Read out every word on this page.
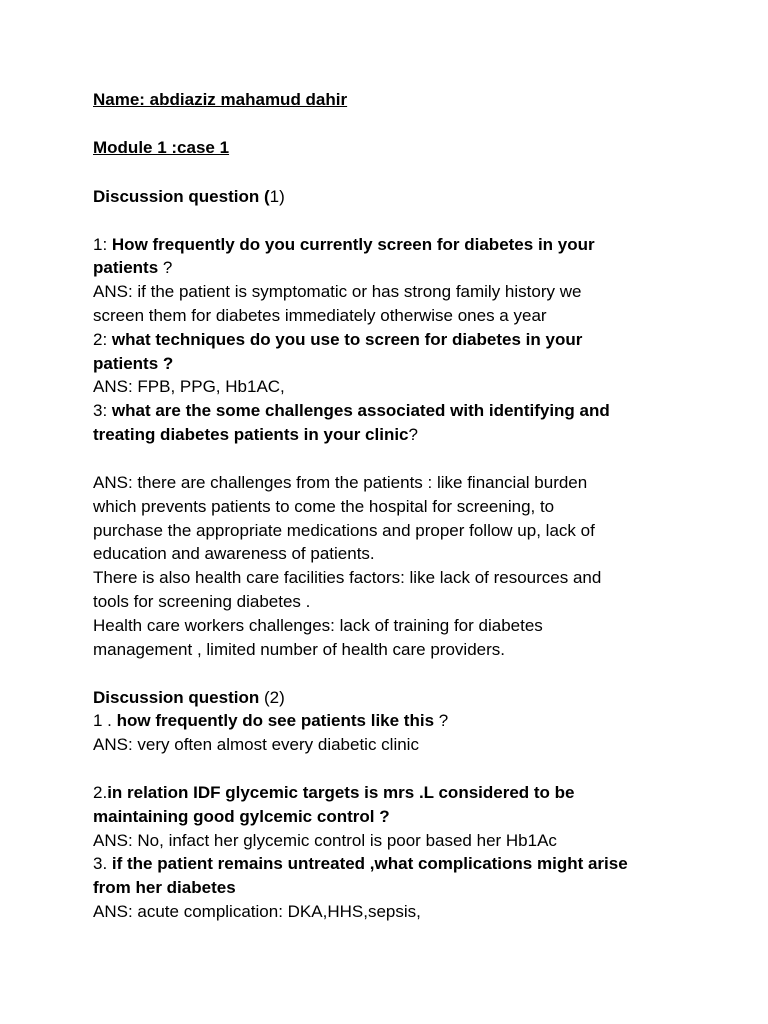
Name: abdiaziz mahamud dahir
Module 1 :case 1
Discussion question (1)
1: How frequently do you currently screen for diabetes in your
patients ?
ANS: if the patient is symptomatic or has strong family history we
screen them for diabetes immediately otherwise ones a year
2: what techniques do you use to screen for diabetes in your
patients ?
ANS: FPB, PPG, Hb1AC,
3: what are the some challenges associated with identifying and
treating diabetes patients in your clinic?
ANS: there are challenges from the patients : like financial burden
which prevents patients to come the hospital for screening, to
purchase the appropriate medications and proper follow up, lack of
education and awareness of patients.
There is also health care facilities factors: like lack of resources and
tools for screening diabetes .
Health care workers challenges: lack of training for diabetes
management , limited number of health care providers.
Discussion question (2)
1 . how frequently do see patients like this ?
ANS: very often almost every diabetic clinic
2.in relation IDF glycemic targets is mrs .L considered to be
maintaining good gylcemic control ?
ANS: No, infact her glycemic control is poor based her Hb1Ac
3. if the patient remains untreated ,what complications might arise
from her diabetes
ANS: acute complication: DKA,HHS,sepsis,
